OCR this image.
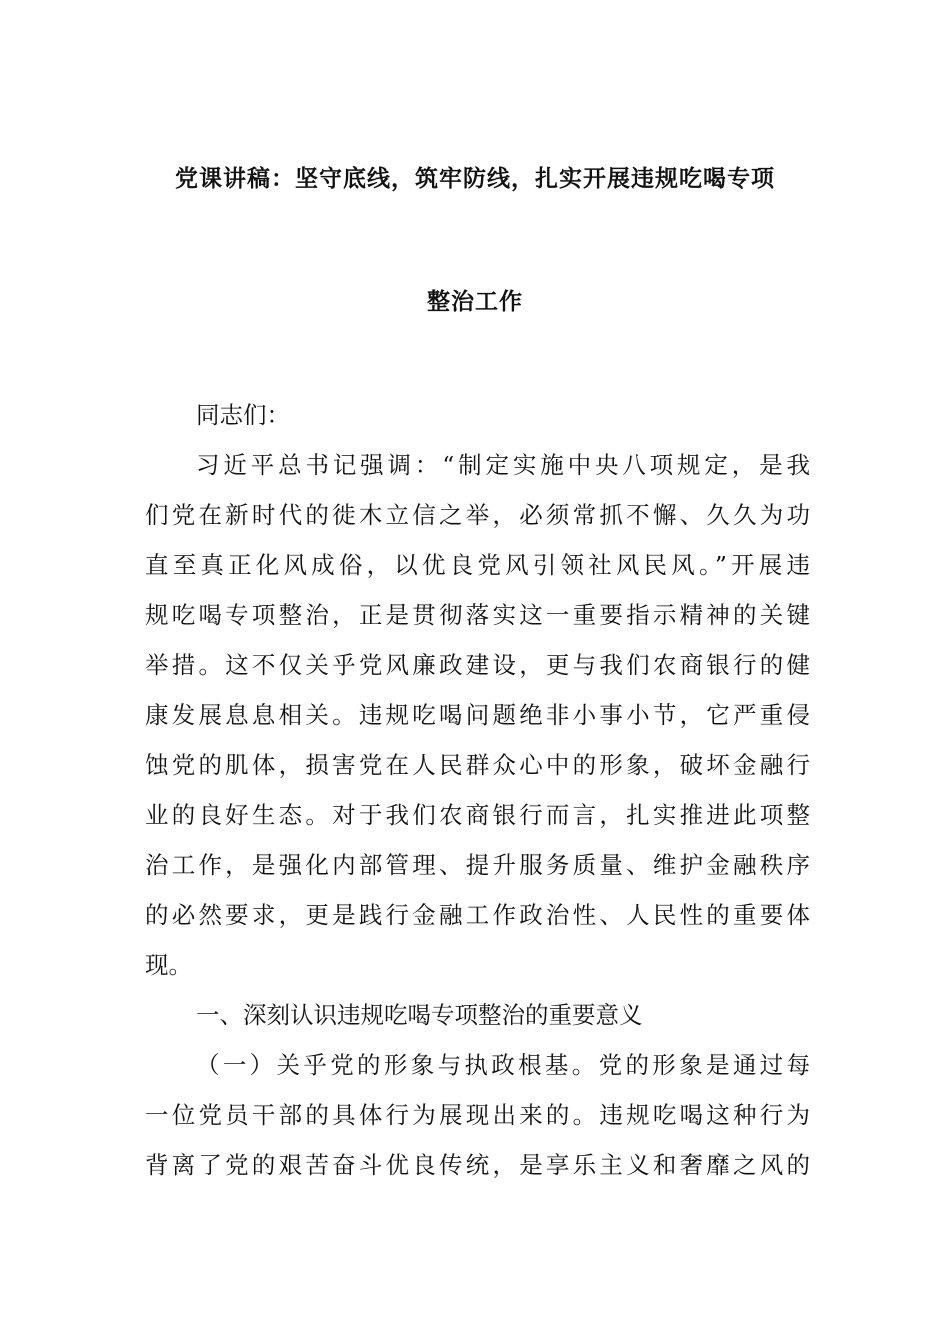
党课讲稿：坚守底线，筑牢防线，扎实开展违规吃喝专项
整治工作
同志们：
习近平总书记强调：“制定实施中央八项规定，是我
们党在新时代的徙木立信之举，必须常抓不懈、久久为功
直至真正化风成俗，以优良党风引领社风民风。”开展违
规吃喝专项整治，正是贯彻落实这一重要指示精神的关键
举措。这不仅关乎党风廉政建设，更与我们农商银行的健
康发展息息相关。违规吃喝问题绝非小事小节，它严重侵
蚀党的肌体，损害党在人民群众心中的形象，破坏金融行
业的良好生态。对于我们农商银行而言，扎实推进此项整
治工作，是强化内部管理、提升服务质量、维护金融秩序
的必然要求，更是践行金融工作政治性、人民性的重要体
现。
一、深刻认识违规吃喝专项整治的重要意义
（一）关乎党的形象与执政根基。党的形象是通过每
一位党员干部的具体行为展现出来的。违规吃喝这种行为
背离了党的艰苦奋斗优良传统，是享乐主义和奢靡之风的
